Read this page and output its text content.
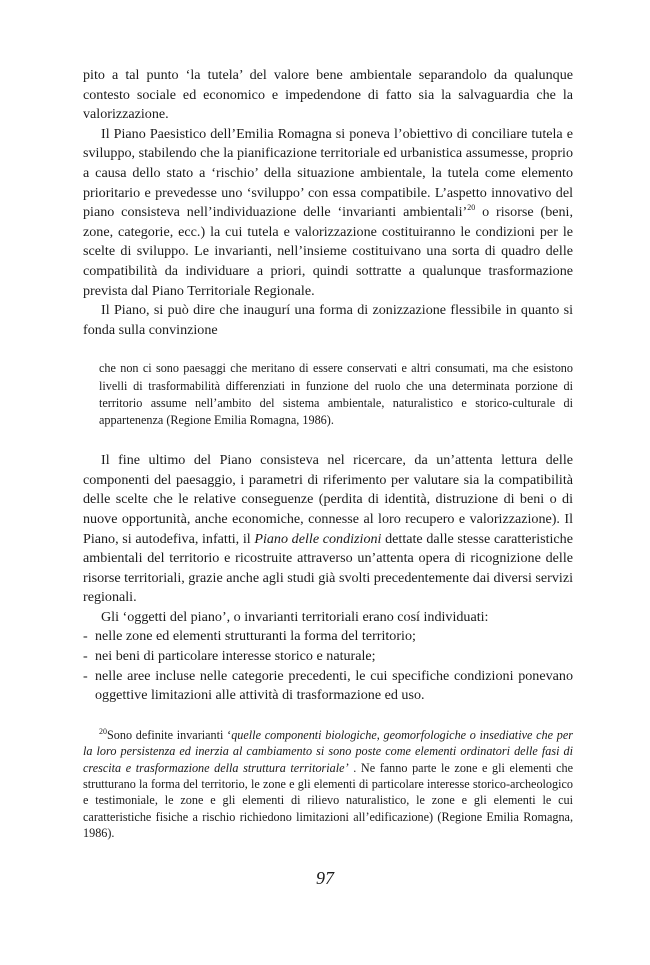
pito a tal punto ‘la tutela’ del valore bene ambientale separandolo da qualunque contesto sociale ed economico e impedendone di fatto sia la salvaguardia che la valorizzazione.

Il Piano Paesistico dell’Emilia Romagna si poneva l’obiettivo di conciliare tutela e sviluppo, stabilendo che la pianificazione territoriale ed urbanistica assumesse, proprio a causa dello stato a ‘rischio’ della situazione ambientale, la tutela come elemento prioritario e prevedesse uno ‘sviluppo’ con essa compatibile. L’aspetto innovativo del piano consisteva nell’individuazione delle ‘invarianti ambientali’$^{20}$ o risorse (beni, zone, categorie, ecc.) la cui tutela e valorizzazione costituiranno le condizioni per le scelte di sviluppo. Le invarianti, nell’insieme costituivano una sorta di quadro delle compatibilità da individuare a priori, quindi sottratte a qualunque trasformazione prevista dal Piano Territoriale Regionale.

Il Piano, si può dire che inaugurí una forma di zonizzazione flessibile in quanto si fonda sulla convinzione

che non ci sono paesaggi che meritano di essere conservati e altri consumati, ma che esistono livelli di trasformabilità differenziati in funzione del ruolo che una determinata porzione di territorio assume nell’ambito del sistema ambientale, naturalistico e storico-culturale di appartenenza (Regione Emilia Romagna, 1986).

Il fine ultimo del Piano consisteva nel ricercare, da un’attenta lettura delle componenti del paesaggio, i parametri di riferimento per valutare sia la compatibilità delle scelte che le relative conseguenze (perdita di identità, distruzione di beni o di nuove opportunità, anche economiche, connesse al loro recupero e valorizzazione). Il Piano, si autodefiva, infatti, il Piano delle condizioni dettate dalle stesse caratteristiche ambientali del territorio e ricostruite attraverso un’attenta opera di ricognizione delle risorse territoriali, grazie anche agli studi già svolti precedentemente dai diversi servizi regionali.

Gli ‘oggetti del piano’, o invarianti territoriali erano cosí individuati:

- nelle zone ed elementi strutturanti la forma del territorio;
- nei beni di particolare interesse storico e naturale;
- nelle aree incluse nelle categorie precedenti, le cui specifiche condizioni ponevano oggettive limitazioni alle attività di trasformazione ed uso.

$^{20}$Sono definite invarianti ‘quelle componenti biologiche, geomorfologiche o insediative che per la loro persistenza ed inerzia al cambiamento si sono poste come elementi ordinatori delle fasi di crescita e trasformazione della struttura territoriale’ . Ne fanno parte le zone e gli elementi che strutturano la forma del territorio, le zone e gli elementi di particolare interesse storico-archeologico e testimoniale, le zone e gli elementi di rilievo naturalistico, le zone e gli elementi le cui caratteristiche fisiche a rischio richiedono limitazioni all’edificazione) (Regione Emilia Romagna, 1986).

97
